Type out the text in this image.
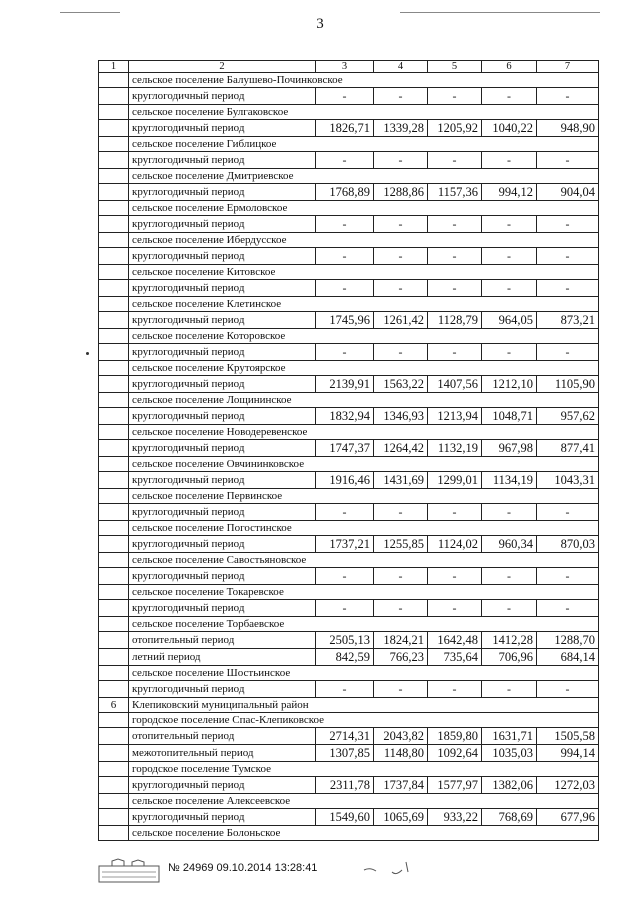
3
1	2	3	4	5	6	7
	сельское поселение Балушево-Починковское					
	круглогодичный период	-	-	-	-	-
	сельское поселение Булгаковское					
	круглогодичный период	1826,71	1339,28	1205,92	1040,22	948,90
	сельское поселение Гиблицкое					
	круглогодичный период	-	-	-	-	-
	сельское поселение Дмитриевское					
	круглогодичный период	1768,89	1288,86	1157,36	994,12	904,04
	сельское поселение Ермоловское					
	круглогодичный период	-	-	-	-	-
	сельское поселение Ибердусское					
	круглогодичный период	-	-	-	-	-
	сельское поселение Китовское					
	круглогодичный период	-	-	-	-	-
	сельское поселение Клетинское					
	круглогодичный период	1745,96	1261,42	1128,79	964,05	873,21
	сельское поселение Которовское					
	круглогодичный период	-	-	-	-	-
	сельское поселение Крутоярское					
	круглогодичный период	2139,91	1563,22	1407,56	1212,10	1105,90
	сельское поселение Лощининское					
	круглогодичный период	1832,94	1346,93	1213,94	1048,71	957,62
	сельское поселение Новодеревенское					
	круглогодичный период	1747,37	1264,42	1132,19	967,98	877,41
	сельское поселение Овчининковское					
	круглогодичный период	1916,46	1431,69	1299,01	1134,19	1043,31
	сельское поселение Первинское					
	круглогодичный период	-	-	-	-	-
	сельское поселение Погостинское					
	круглогодичный период	1737,21	1255,85	1124,02	960,34	870,03
	сельское поселение Савостьяновское					
	круглогодичный период	-	-	-	-	-
	сельское поселение Токаревское					
	круглогодичный период	-	-	-	-	-
	сельское поселение Торбаевское					
	отопительный период	2505,13	1824,21	1642,48	1412,28	1288,70
	летний период	842,59	766,23	735,64	706,96	684,14
	сельское поселение Шостьинское					
	круглогодичный период	-	-	-	-	-
6	Клепиковский муниципальный район					
	городское поселение Спас-Клепиковское					
	отопительный период	2714,31	2043,82	1859,80	1631,71	1505,58
	межотопительный период	1307,85	1148,80	1092,64	1035,03	994,14
	городское поселение Тумское					
	круглогодичный период	2311,78	1737,84	1577,97	1382,06	1272,03
	сельское поселение Алексеевское					
	круглогодичный период	1549,60	1065,69	933,22	768,69	677,96
	сельское поселение Болоньское					
№ 24969 09.10.2014 13:28:41
